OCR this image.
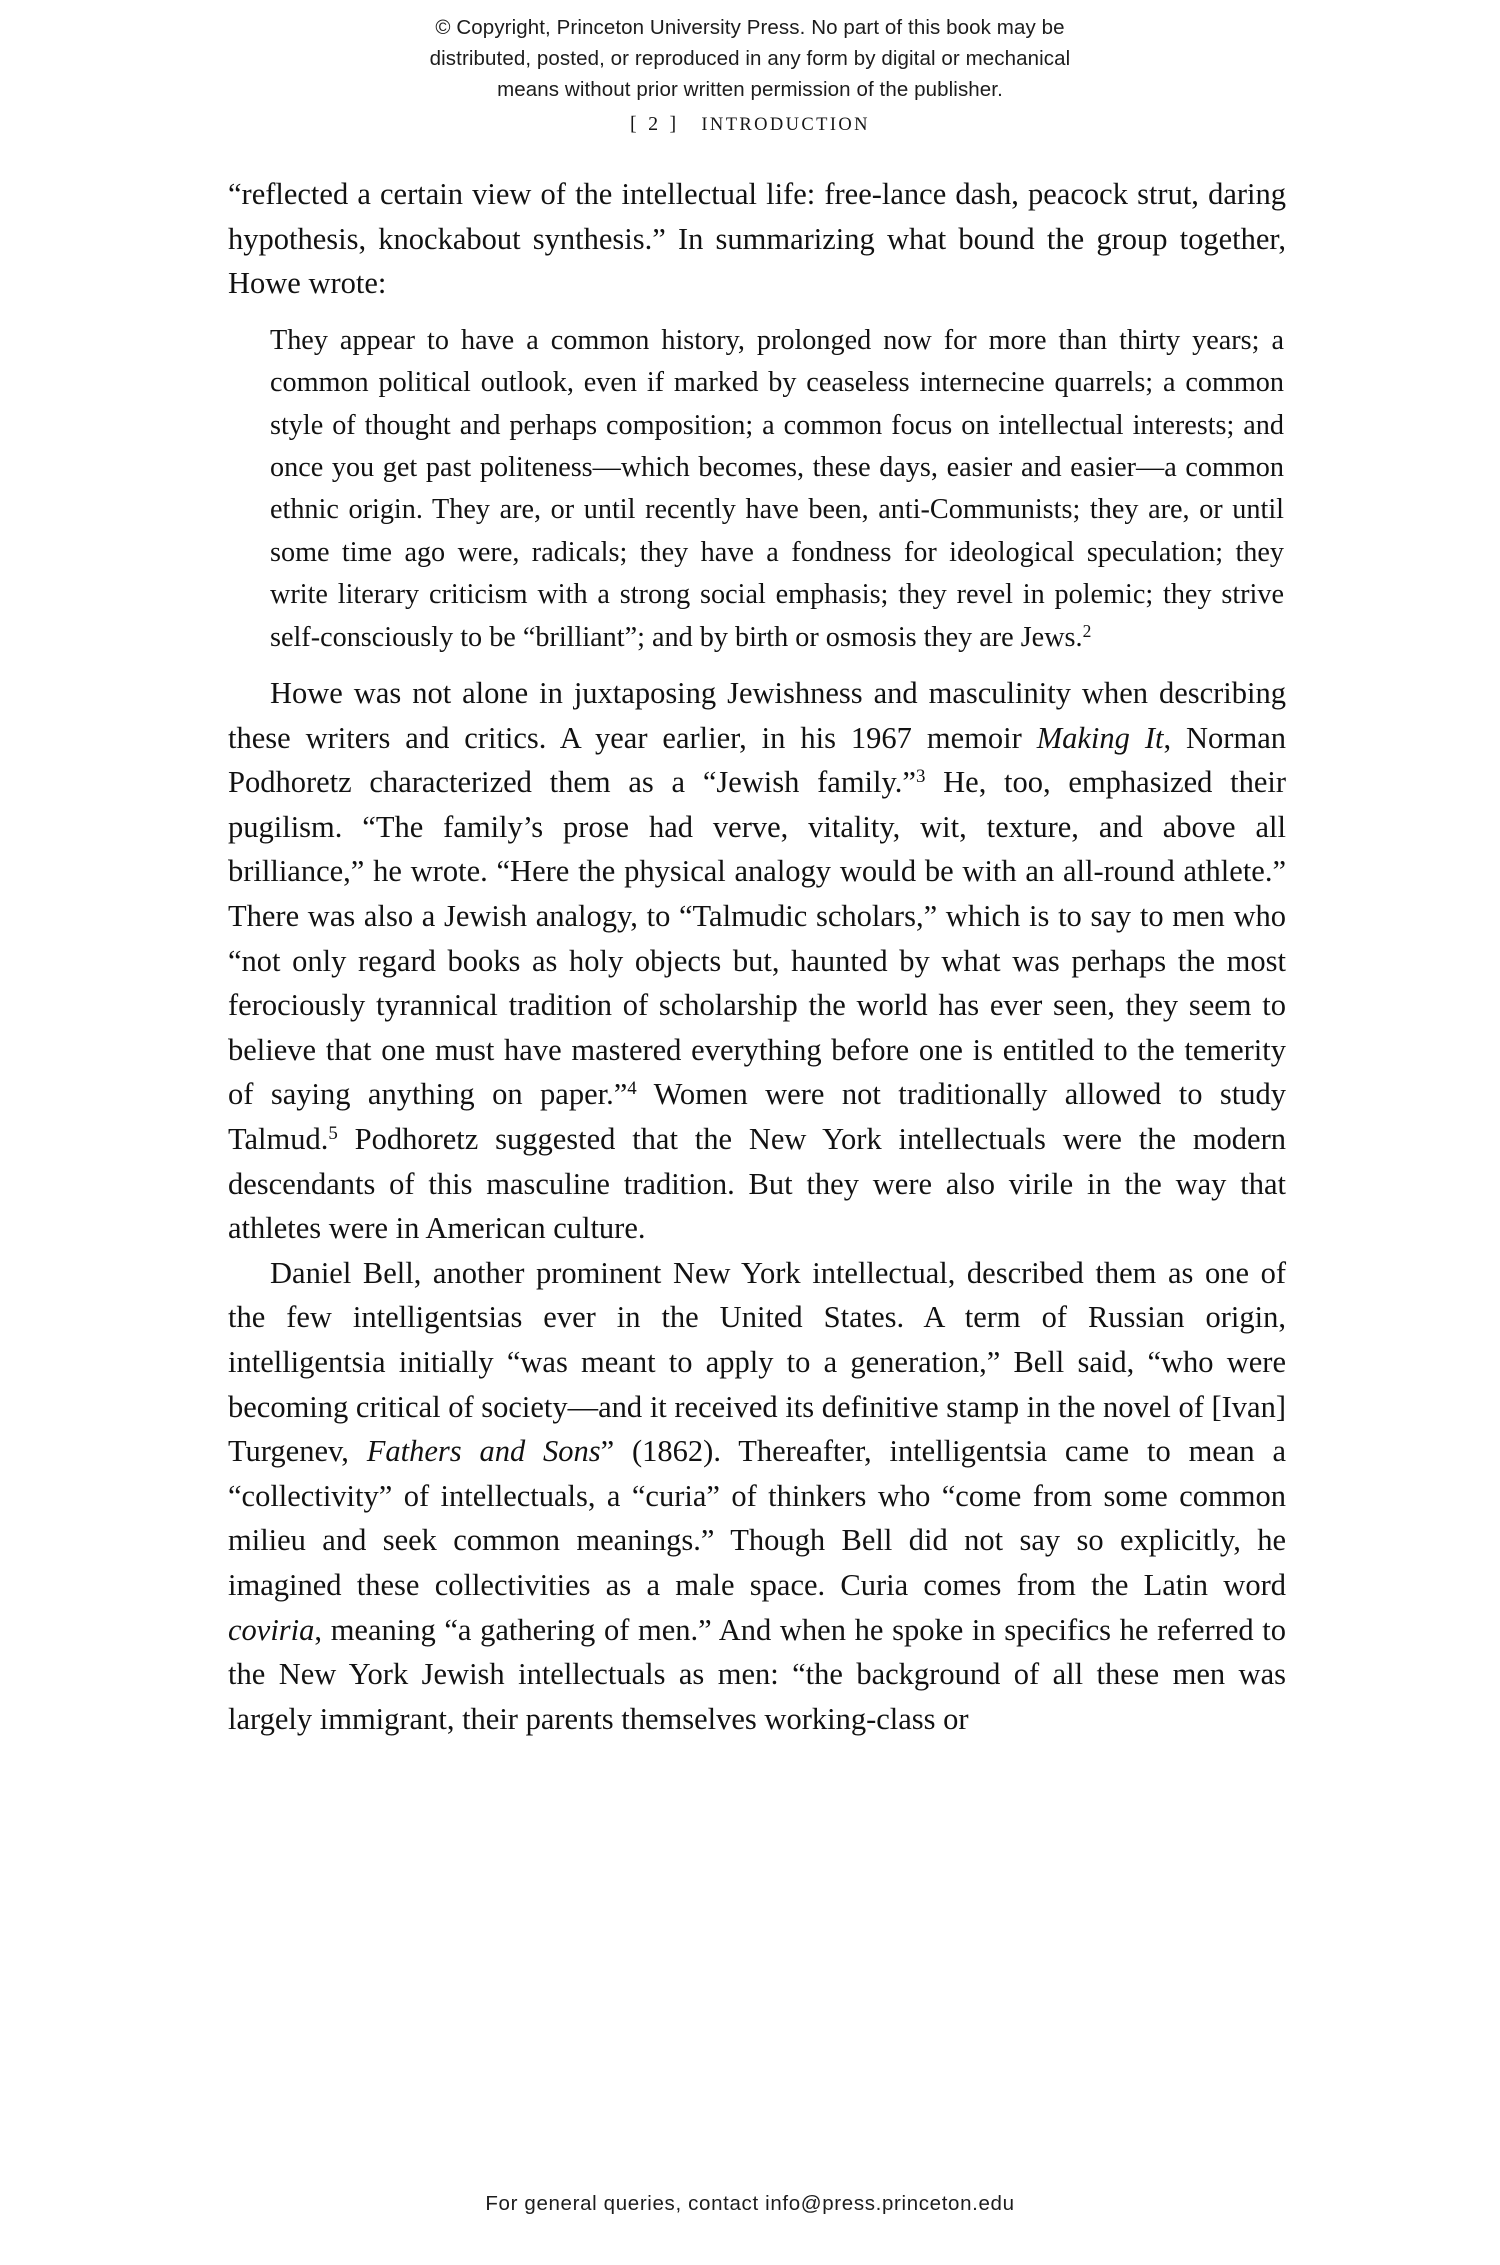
© Copyright, Princeton University Press. No part of this book may be
distributed, posted, or reproduced in any form by digital or mechanical
means without prior written permission of the publisher.
[ 2 ] INTRODUCTION

“reflected a certain view of the intellectual life: free-lance dash, peacock strut, daring hypothesis, knockabout synthesis.” In summarizing what bound the group together, Howe wrote:

They appear to have a common history, prolonged now for more than thirty years; a common political outlook, even if marked by ceaseless internecine quarrels; a common style of thought and perhaps composition; a common focus on intellectual interests; and once you get past politeness—which becomes, these days, easier and easier—a common ethnic origin. They are, or until recently have been, anti-Communists; they are, or until some time ago were, radicals; they have a fondness for ideological speculation; they write literary criticism with a strong social emphasis; they revel in polemic; they strive self-consciously to be “brilliant”; and by birth or osmosis they are Jews.$^2$

Howe was not alone in juxtaposing Jewishness and masculinity when describing these writers and critics. A year earlier, in his 1967 memoir Making It, Norman Podhoretz characterized them as a “Jewish family.”$^3$ He, too, emphasized their pugilism. “The family’s prose had verve, vitality, wit, texture, and above all brilliance,” he wrote. “Here the physical analogy would be with an all-round athlete.” There was also a Jewish analogy, to “Talmudic scholars,” which is to say to men who “not only regard books as holy objects but, haunted by what was perhaps the most ferociously tyrannical tradition of scholarship the world has ever seen, they seem to believe that one must have mastered everything before one is entitled to the temerity of saying anything on paper.”$^4$ Women were not traditionally allowed to study Talmud.$^5$ Podhoretz suggested that the New York intellectuals were the modern descendants of this masculine tradition. But they were also virile in the way that athletes were in American culture.

Daniel Bell, another prominent New York intellectual, described them as one of the few intelligentsias ever in the United States. A term of Russian origin, intelligentsia initially “was meant to apply to a generation,” Bell said, “who were becoming critical of society—and it received its definitive stamp in the novel of [Ivan] Turgenev, Fathers and Sons” (1862). Thereafter, intelligentsia came to mean a “collectivity” of intellectuals, a “curia” of thinkers who “come from some common milieu and seek common meanings.” Though Bell did not say so explicitly, he imagined these collectivities as a male space. Curia comes from the Latin word coviria, meaning “a gathering of men.” And when he spoke in specifics he referred to the New York Jewish intellectuals as men: “the background of all these men was largely immigrant, their parents themselves working-class or

For general queries, contact info@press.princeton.edu
